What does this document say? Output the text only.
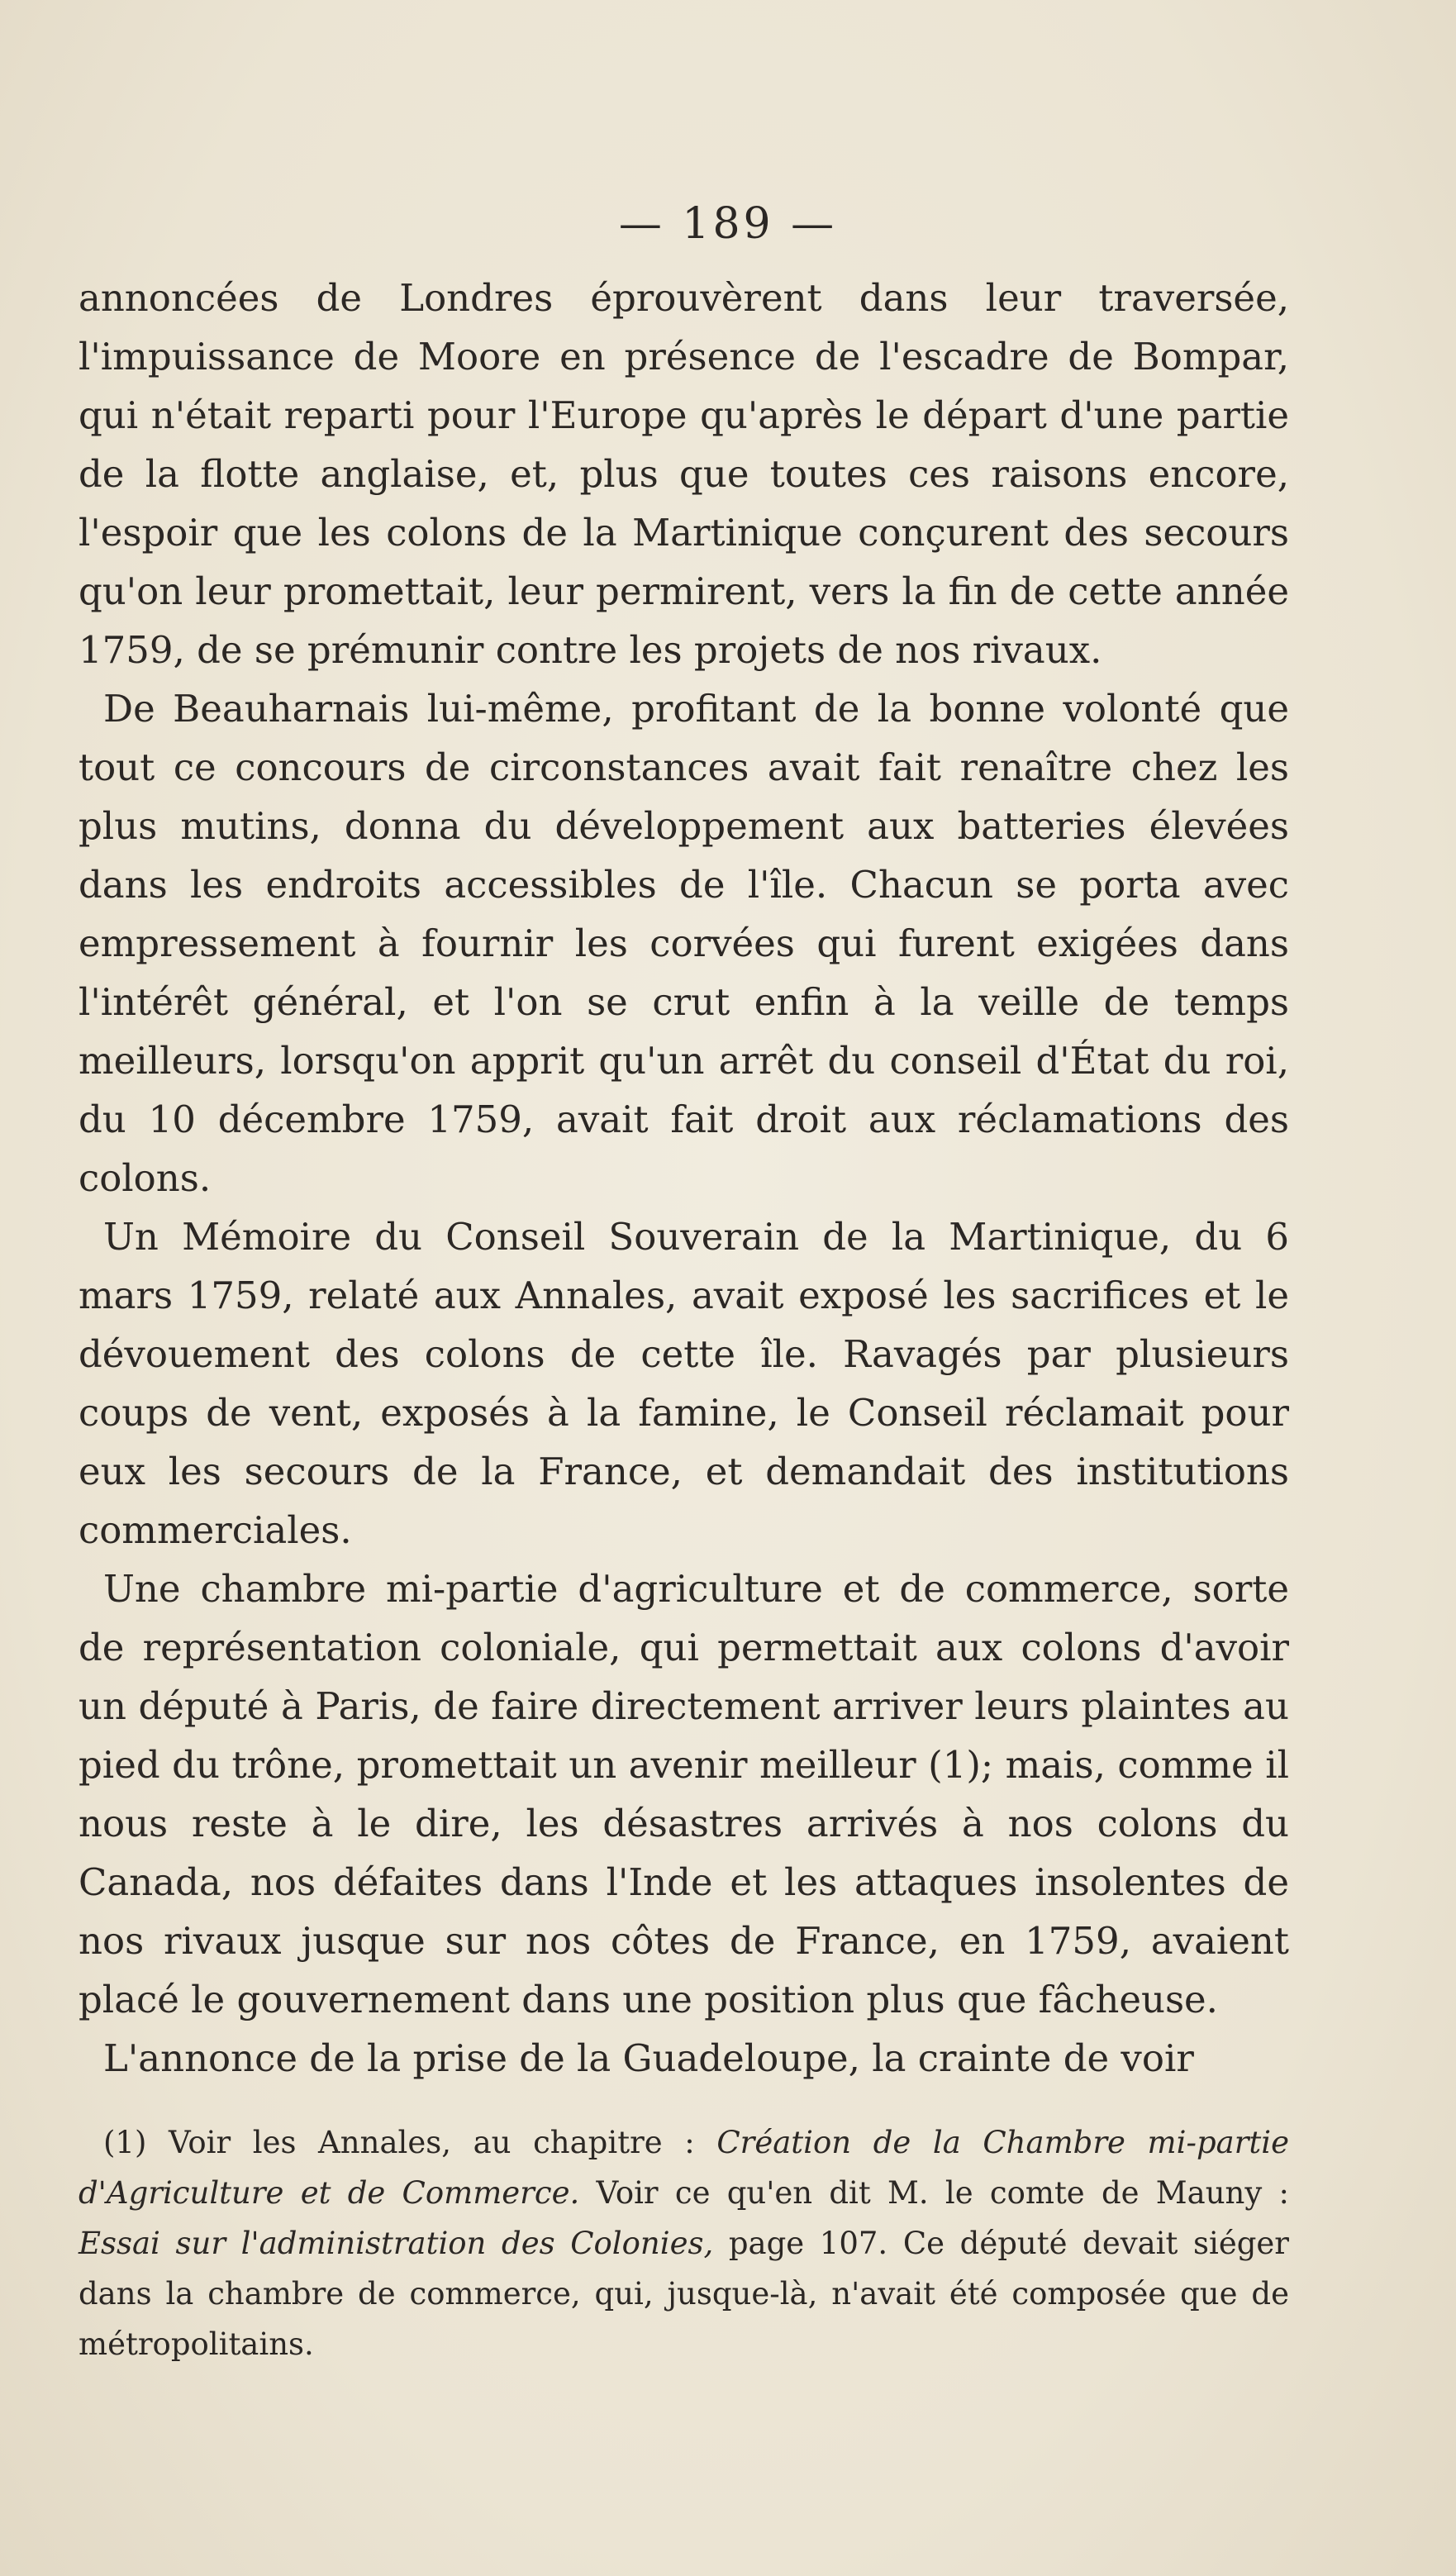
— 189 —

annoncées de Londres éprouvèrent dans leur traversée, l'impuissance de Moore en présence de l'escadre de Bompar, qui n'était reparti pour l'Europe qu'après le départ d'une partie de la flotte anglaise, et, plus que toutes ces raisons encore, l'espoir que les colons de la Martinique conçurent des secours qu'on leur promettait, leur permirent, vers la fin de cette année 1759, de se prémunir contre les projets de nos rivaux.

De Beauharnais lui-même, profitant de la bonne volonté que tout ce concours de circonstances avait fait renaître chez les plus mutins, donna du développement aux batteries élevées dans les endroits accessibles de l'île. Chacun se porta avec empressement à fournir les corvées qui furent exigées dans l'intérêt général, et l'on se crut enfin à la veille de temps meilleurs, lorsqu'on apprit qu'un arrêt du conseil d'État du roi, du 10 décembre 1759, avait fait droit aux réclamations des colons.

Un Mémoire du Conseil Souverain de la Martinique, du 6 mars 1759, relaté aux Annales, avait exposé les sacrifices et le dévouement des colons de cette île. Ravagés par plusieurs coups de vent, exposés à la famine, le Conseil réclamait pour eux les secours de la France, et demandait des institutions commerciales.

Une chambre mi-partie d'agriculture et de commerce, sorte de représentation coloniale, qui permettait aux colons d'avoir un député à Paris, de faire directement arriver leurs plaintes au pied du trône, promettait un avenir meilleur (1); mais, comme il nous reste à le dire, les désastres arrivés à nos colons du Canada, nos défaites dans l'Inde et les attaques insolentes de nos rivaux jusque sur nos côtes de France, en 1759, avaient placé le gouvernement dans une position plus que fâcheuse.

L'annonce de la prise de la Guadeloupe, la crainte de voir

(1) Voir les Annales, au chapitre : Création de la Chambre mi-partie d'Agriculture et de Commerce. Voir ce qu'en dit M. le comte de Mauny : Essai sur l'administration des Colonies, page 107. Ce député devait siéger dans la chambre de commerce, qui, jusque-là, n'avait été composée que de métropolitains.
